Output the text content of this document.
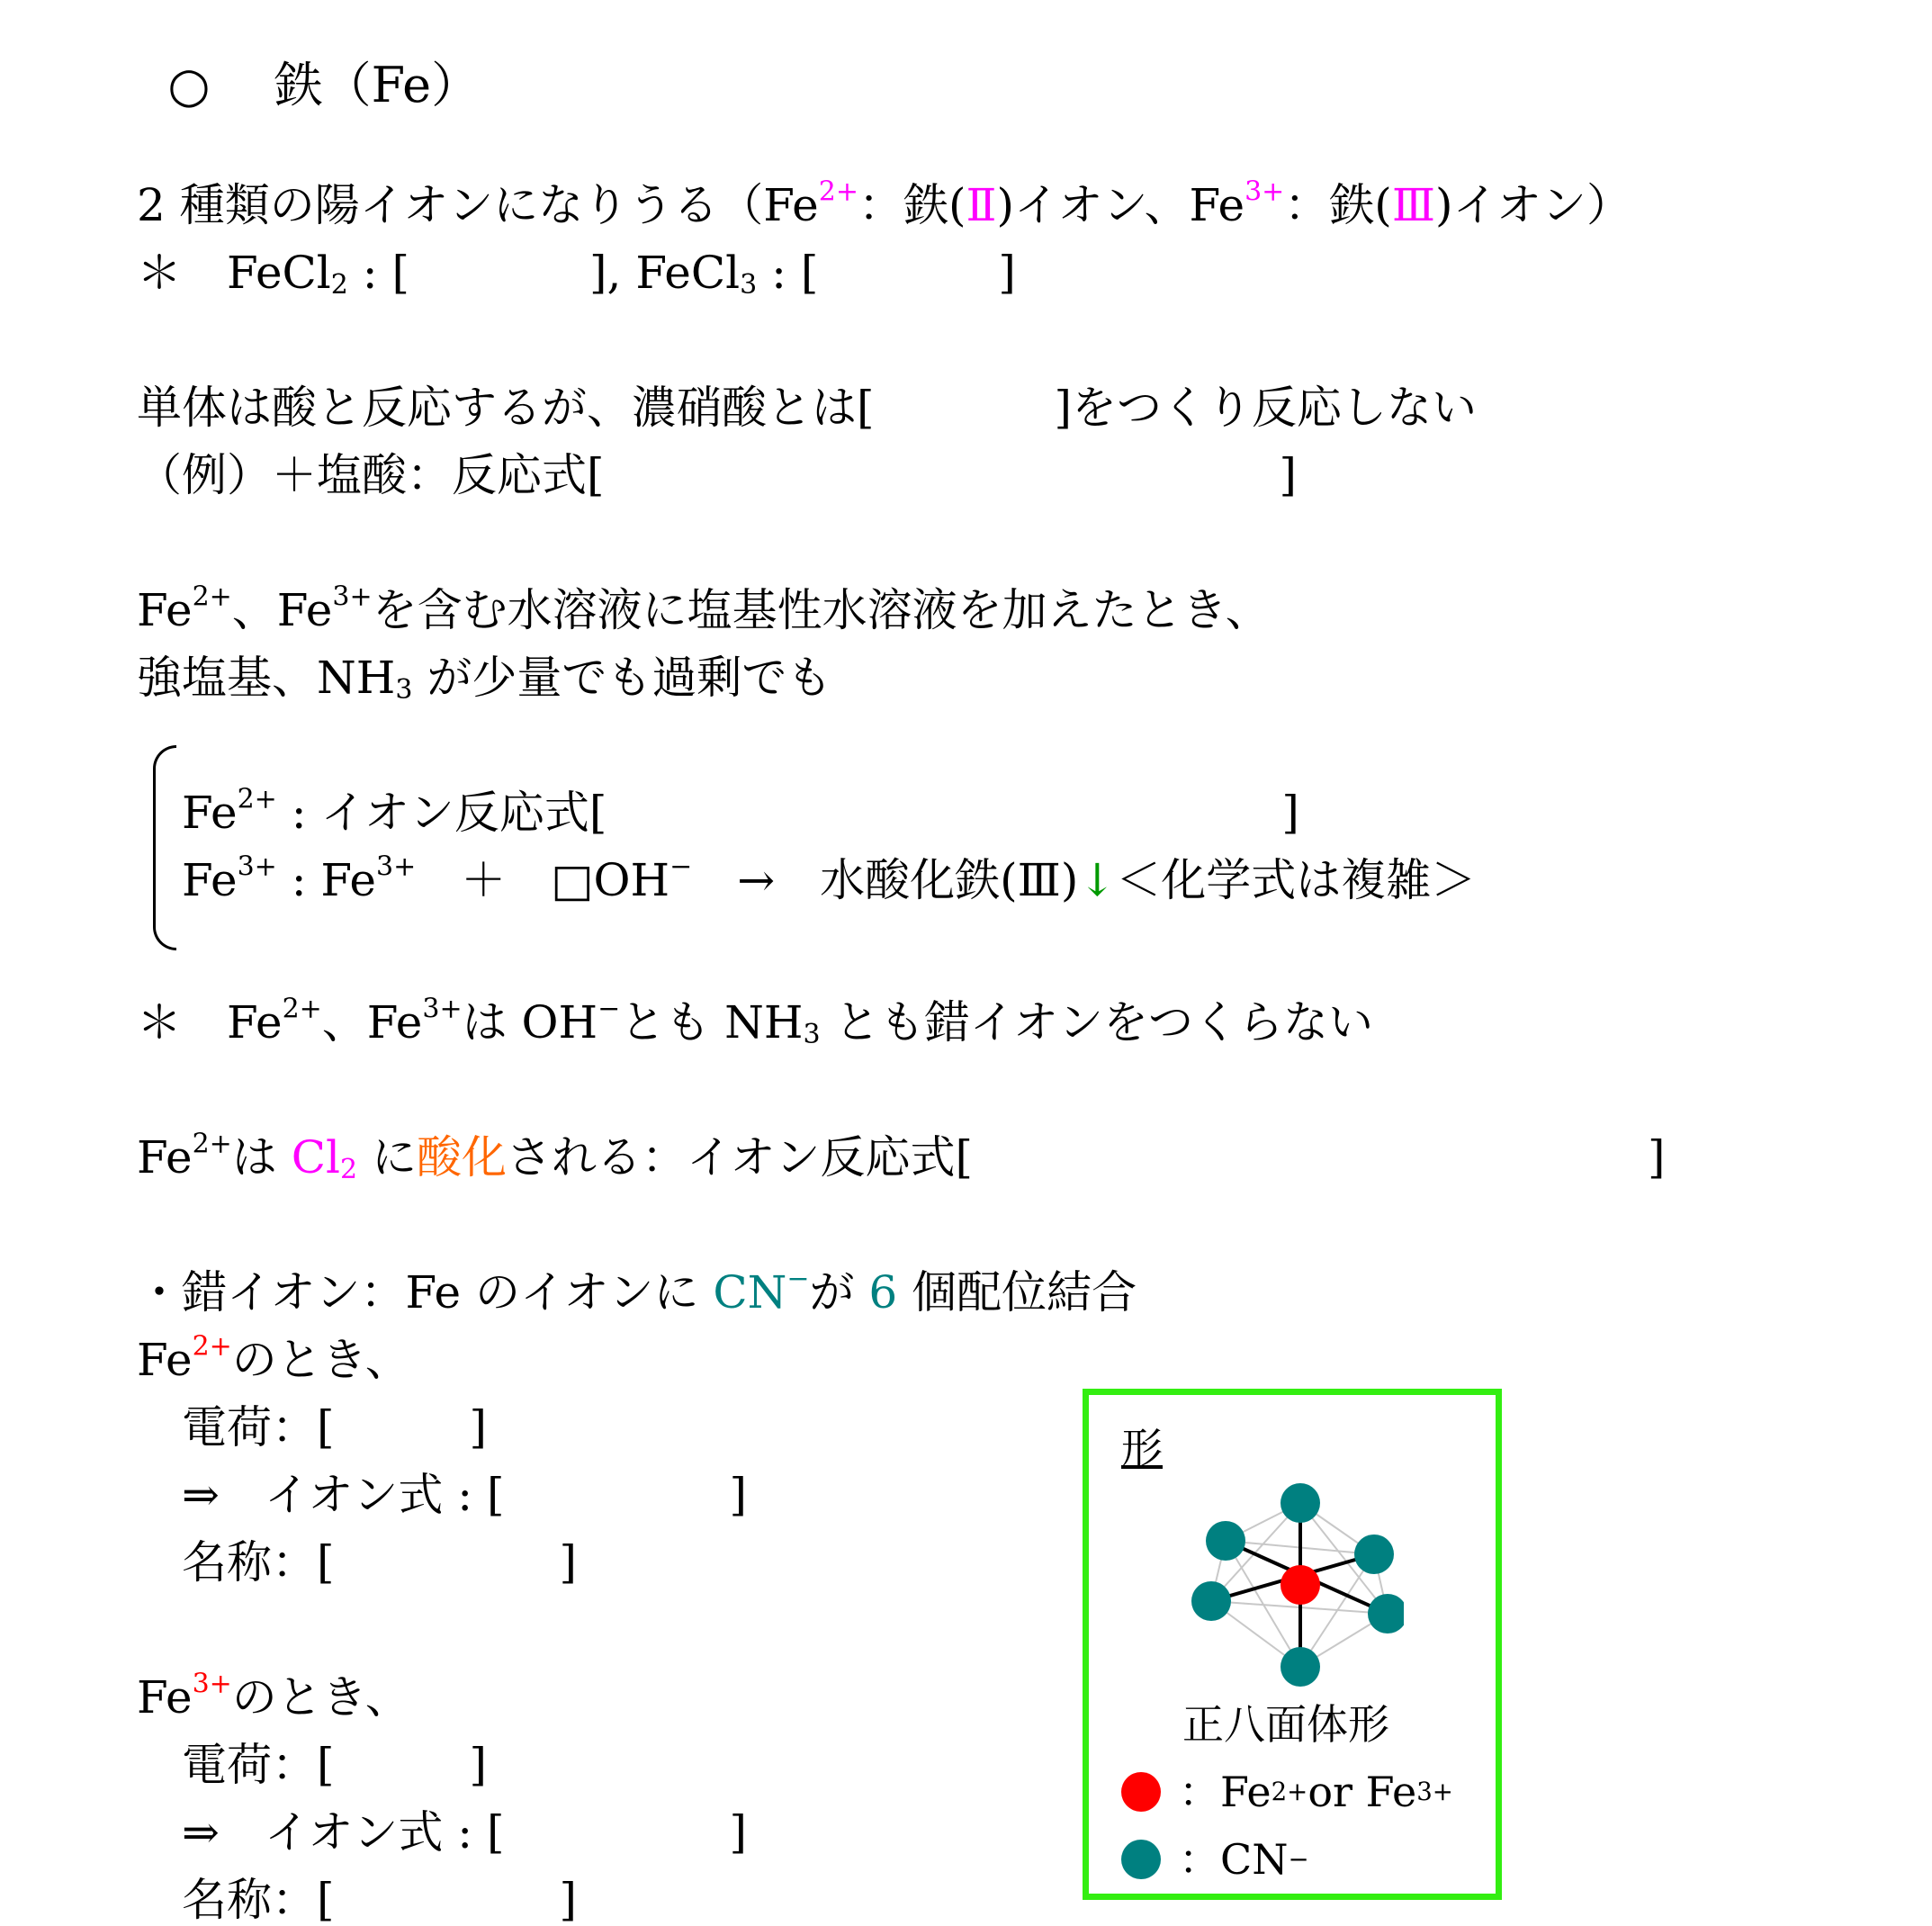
○　 鉄（Fe）

2 種類の陽イオンになりうる（$Fe^{2+}$：鉄(Ⅱ)イオン、$Fe^{3+}$：鉄(Ⅲ)イオン）
＊　 FeCl$_2$ : [　　　　], FeCl$_3$ : [　　　　]
単体は酸と反応するが、濃硝酸とは[　　　　]をつくり反応しない
（例）＋塩酸：反応式[　　　　　　　　　　　　　　　]
$Fe^{2+}$、$Fe^{3+}$を含む水溶液に塩基性水溶液を加えたとき、
強塩基、$NH_3$ が少量でも過剰でも
$Fe^{2+}$ : イオン反応式[　　　　　　　　　　　　　　　]
$Fe^{3+}$ : $Fe^{3+}$　＋　□OH−　→　水酸化鉄(Ⅲ)↓＜化学式は複雑＞
＊　 $Fe^{2+}$、$Fe^{3+}$は OH−とも $NH_3$ とも錯イオンをつくらない
$Fe^{2+}$は $Cl_2$ に酸化される：イオン反応式[　　　　　　　　　　　　　　　]
・錯イオン：Fe のイオンに CN−が 6 個配位結合
$Fe^{2+}$のとき、
電荷：[　　　]
⇒　イオン式 : [　　　　　]
名称：[　　　　　]
$Fe^{3+}$のとき、
電荷：[　　　]
⇒　イオン式 : [　　　　　]
名称：[　　　　　]
形
正八面体形
：Fe 2+ or Fe 3+
：CN −
